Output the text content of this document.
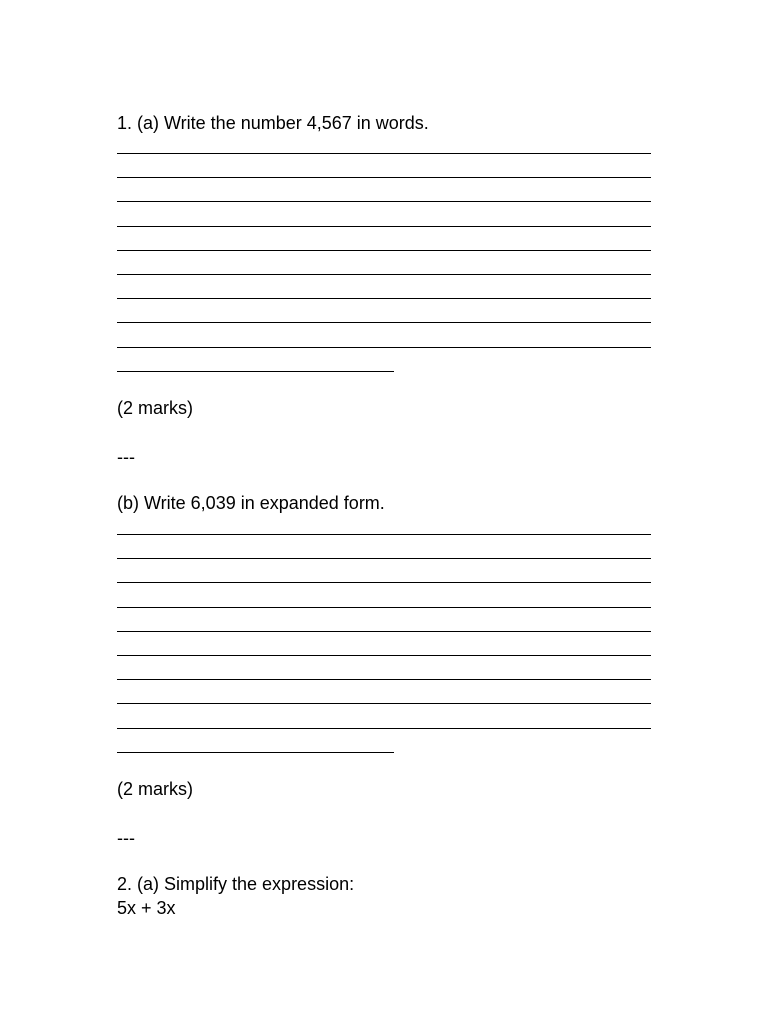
1. (a) Write the number 4,567 in words.
(2 marks)
---
(b) Write 6,039 in expanded form.
(2 marks)
---
2. (a) Simplify the expression:
5x + 3x
